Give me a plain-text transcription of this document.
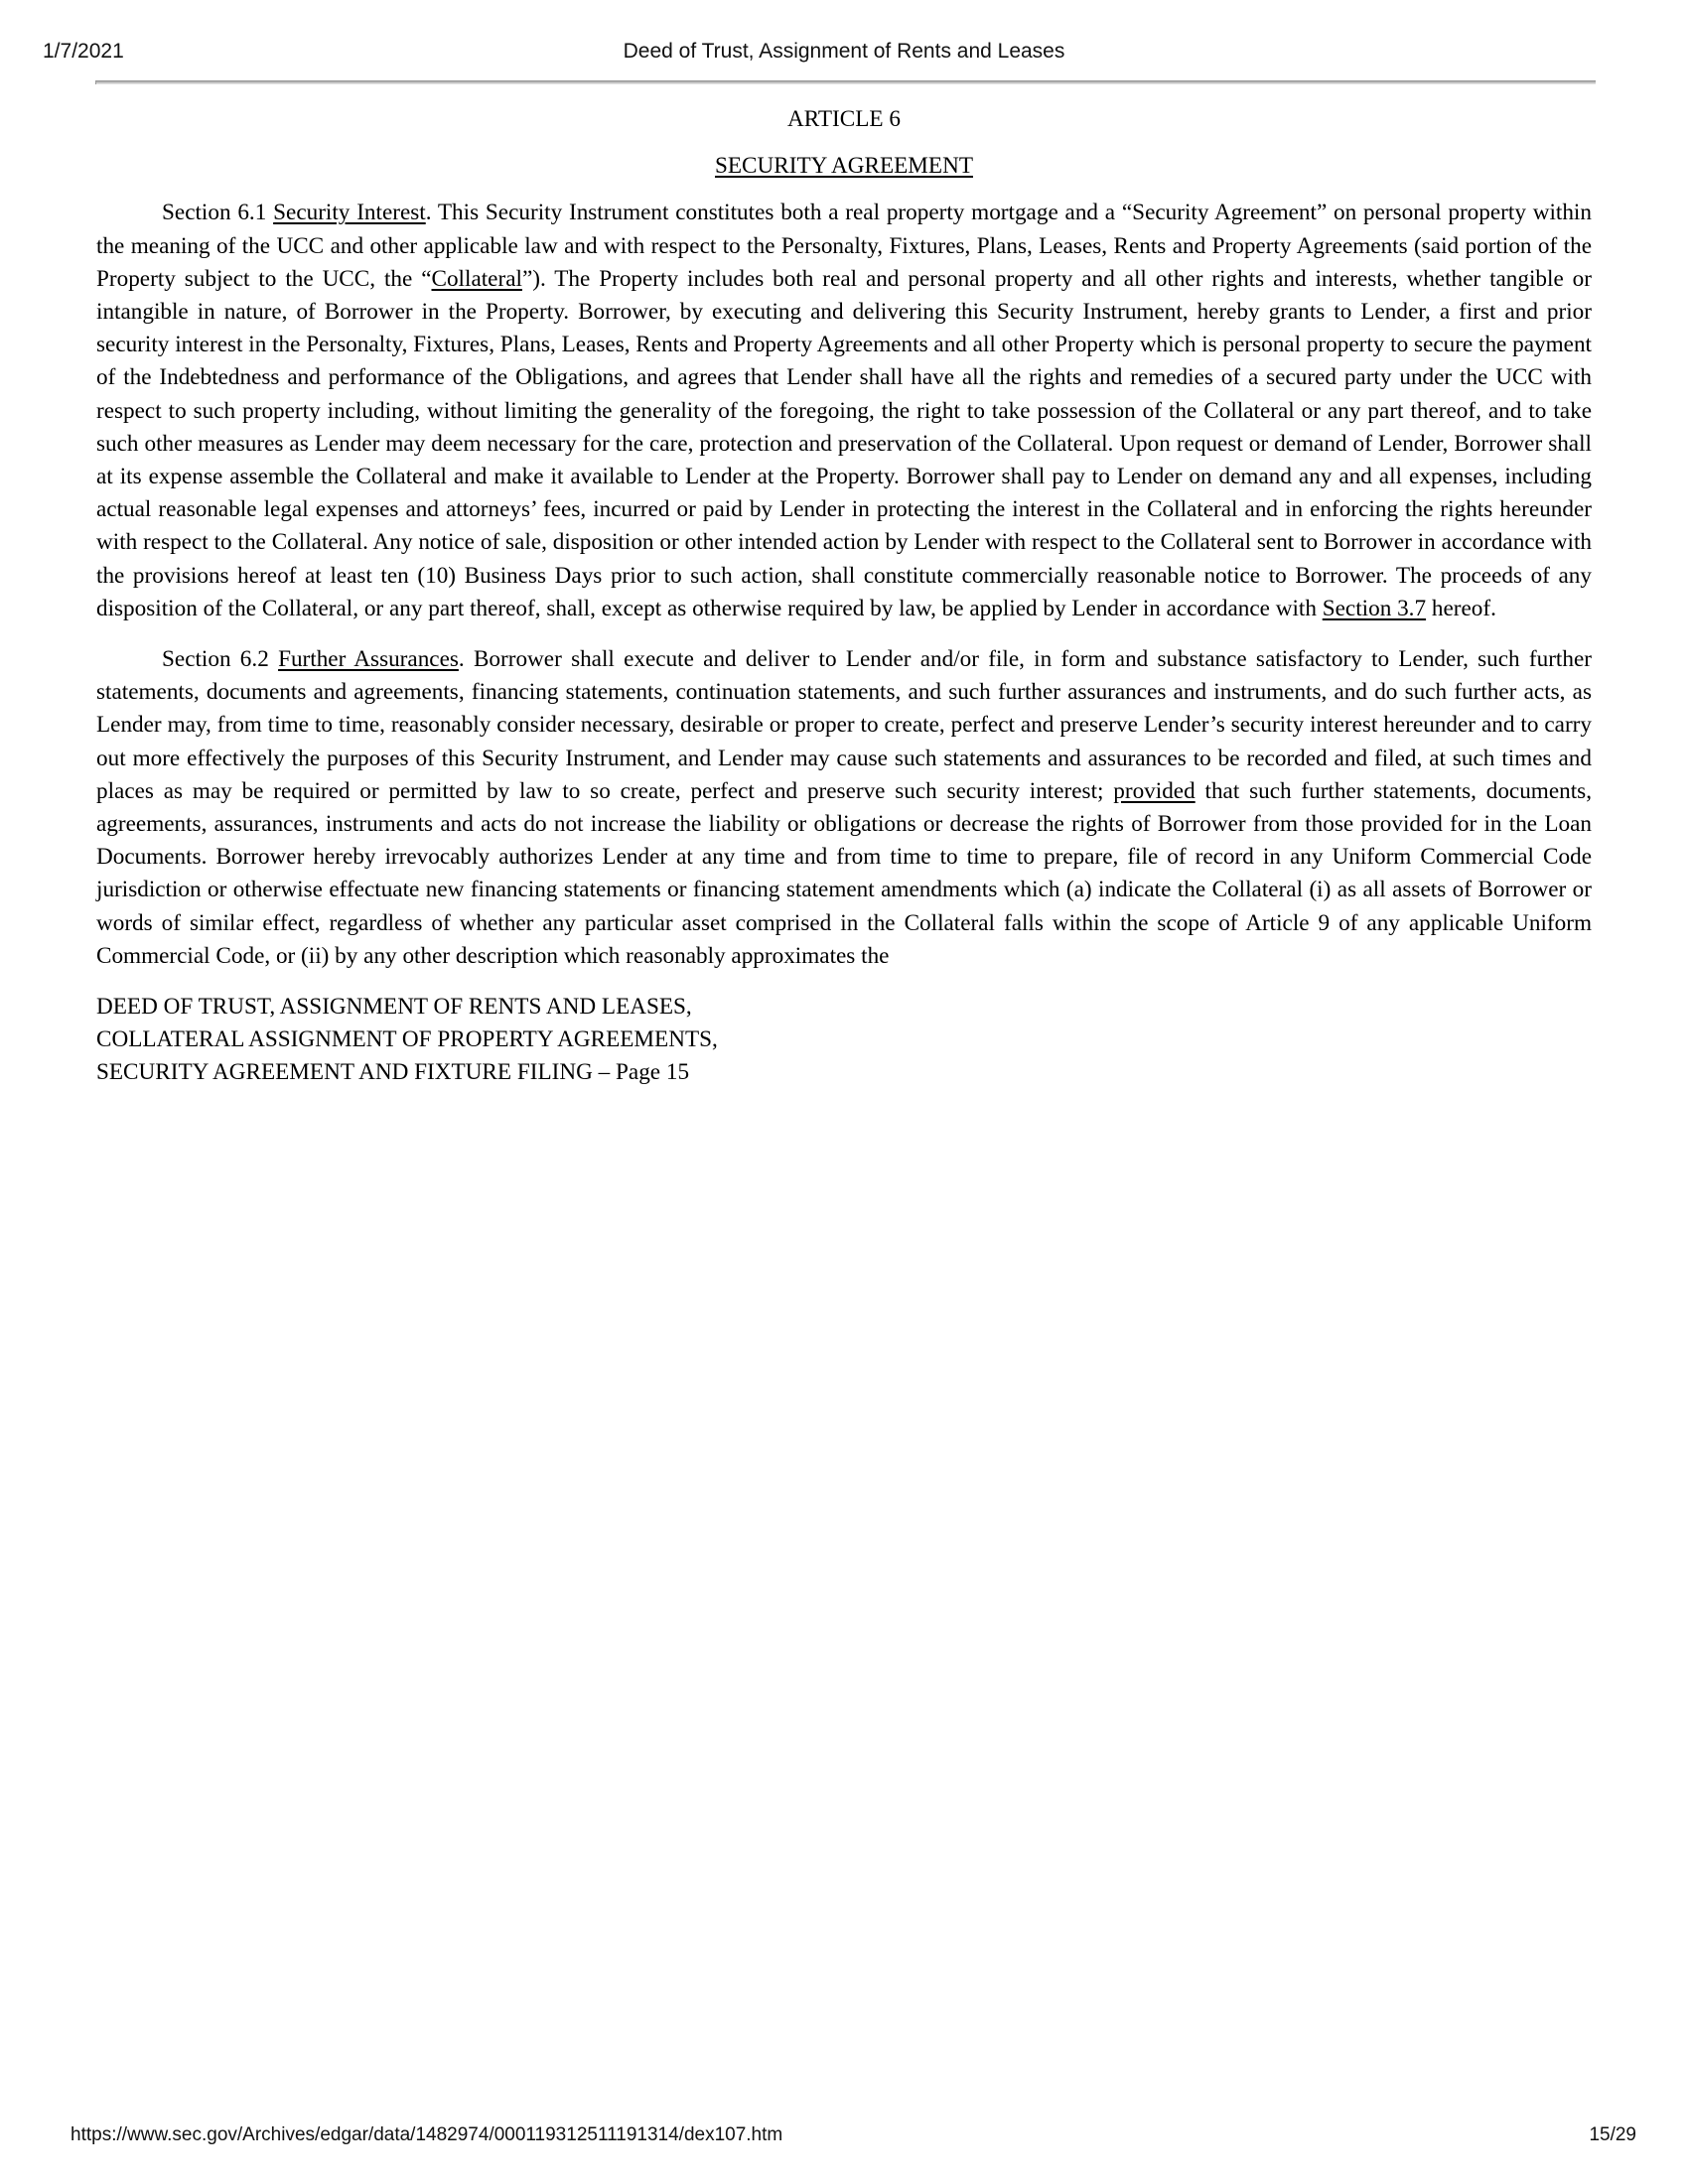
1/7/2021	Deed of Trust, Assignment of Rents and Leases

ARTICLE 6

SECURITY AGREEMENT

Section 6.1 Security Interest. This Security Instrument constitutes both a real property mortgage and a “Security Agreement” on personal property within the meaning of the UCC and other applicable law and with respect to the Personalty, Fixtures, Plans, Leases, Rents and Property Agreements (said portion of the Property subject to the UCC, the “Collateral”). The Property includes both real and personal property and all other rights and interests, whether tangible or intangible in nature, of Borrower in the Property. Borrower, by executing and delivering this Security Instrument, hereby grants to Lender, a first and prior security interest in the Personalty, Fixtures, Plans, Leases, Rents and Property Agreements and all other Property which is personal property to secure the payment of the Indebtedness and performance of the Obligations, and agrees that Lender shall have all the rights and remedies of a secured party under the UCC with respect to such property including, without limiting the generality of the foregoing, the right to take possession of the Collateral or any part thereof, and to take such other measures as Lender may deem necessary for the care, protection and preservation of the Collateral. Upon request or demand of Lender, Borrower shall at its expense assemble the Collateral and make it available to Lender at the Property. Borrower shall pay to Lender on demand any and all expenses, including actual reasonable legal expenses and attorneys’ fees, incurred or paid by Lender in protecting the interest in the Collateral and in enforcing the rights hereunder with respect to the Collateral. Any notice of sale, disposition or other intended action by Lender with respect to the Collateral sent to Borrower in accordance with the provisions hereof at least ten (10) Business Days prior to such action, shall constitute commercially reasonable notice to Borrower. The proceeds of any disposition of the Collateral, or any part thereof, shall, except as otherwise required by law, be applied by Lender in accordance with Section 3.7 hereof.

Section 6.2 Further Assurances. Borrower shall execute and deliver to Lender and/or file, in form and substance satisfactory to Lender, such further statements, documents and agreements, financing statements, continuation statements, and such further assurances and instruments, and do such further acts, as Lender may, from time to time, reasonably consider necessary, desirable or proper to create, perfect and preserve Lender’s security interest hereunder and to carry out more effectively the purposes of this Security Instrument, and Lender may cause such statements and assurances to be recorded and filed, at such times and places as may be required or permitted by law to so create, perfect and preserve such security interest; provided that such further statements, documents, agreements, assurances, instruments and acts do not increase the liability or obligations or decrease the rights of Borrower from those provided for in the Loan Documents. Borrower hereby irrevocably authorizes Lender at any time and from time to time to prepare, file of record in any Uniform Commercial Code jurisdiction or otherwise effectuate new financing statements or financing statement amendments which (a) indicate the Collateral (i) as all assets of Borrower or words of similar effect, regardless of whether any particular asset comprised in the Collateral falls within the scope of Article 9 of any applicable Uniform Commercial Code, or (ii) by any other description which reasonably approximates the

DEED OF TRUST, ASSIGNMENT OF RENTS AND LEASES,
COLLATERAL ASSIGNMENT OF PROPERTY AGREEMENTS,
SECURITY AGREEMENT AND FIXTURE FILING – Page 15
https://www.sec.gov/Archives/edgar/data/1482974/000119312511191314/dex107.htm	15/29
